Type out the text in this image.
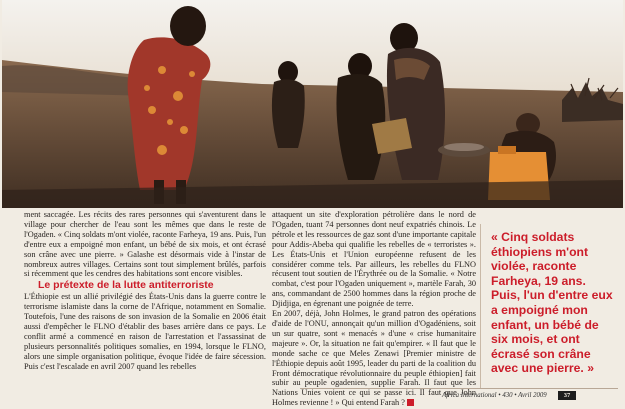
ment saccagée. Les récits des rares personnes qui s'aventurent dans le village pour chercher de l'eau sont les mêmes que dans le reste de l'Ogaden. « Cinq soldats m'ont violée, raconte Farheya, 19 ans. Puis, l'un d'entre eux a empoigné mon enfant, un bébé de six mois, et ont écrasé son crâne avec une pierre. » Galashe est désormais vide à l'instar de nombreux autres villages. Certains sont tout simplement brûlés, parfois si récemment que les cendres des habitations sont encore visibles.

Le prétexte de la lutte antiterroriste

L'Éthiopie est un allié privilégié des États-Unis dans la guerre contre le terrorisme islamiste dans la corne de l'Afrique, notamment en Somalie. Toutefois, l'une des raisons de son invasion de la Somalie en 2006 était aussi d'empêcher le FLNO d'établir des bases arrière dans ce pays. Le conflit armé a commencé en raison de l'arrestation et l'assassinat de plusieurs personnalités politiques somalies, en 1994, lorsque le FLNO, alors une simple organisation politique, évoque l'idée de faire sécession. Puis c'est l'escalade en avril 2007 quand les rebelles

attaquent un site d'exploration pétrolière dans le nord de l'Ogaden, tuant 74 personnes dont neuf expatriés chinois. Le pétrole et les ressources de gaz sont d'une importante capitale pour Addis-Abeba qui qualifie les rebelles de « terroristes ». Les États-Unis et l'Union européenne refusent de les considérer comme tels. Par ailleurs, les rebelles du FLNO récusent tout soutien de l'Érythrée ou de la Somalie. « Notre combat, c'est pour l'Ogaden uniquement », martèle Farah, 30 ans, commandant de 2500 hommes dans la région proche de Djidjiga, en égrenant une poignée de terre.

En 2007, déjà, John Holmes, le grand patron des opérations d'aide de l'ONU, annonçait qu'un million d'Ogadéniens, soit un sur quatre, sont « menacés » d'une « crise humanitaire majeure ». Or, la situation ne fait qu'empirer. « Il faut que le monde sache ce que Meles Zenawi [Premier ministre de l'Éthiopie depuis août 1995, leader du parti de la coalition du Front démocratique révolutionnaire du peuple éthiopien] fait subir au peuple ogadenien, supplie Farah. Il faut que les Nations Unies voient ce qui se passe ici. Il faut que John Holmes revienne ! » Qui entend Farah ?

« Cinq soldats éthiopiens m'ont violée, raconte Farheya, 19 ans. Puis, l'un d'entre eux a empoigné mon enfant, un bébé de six mois, et ont écrasé son crâne avec une pierre. »

Africa International • 430 • Avril 2009	37
